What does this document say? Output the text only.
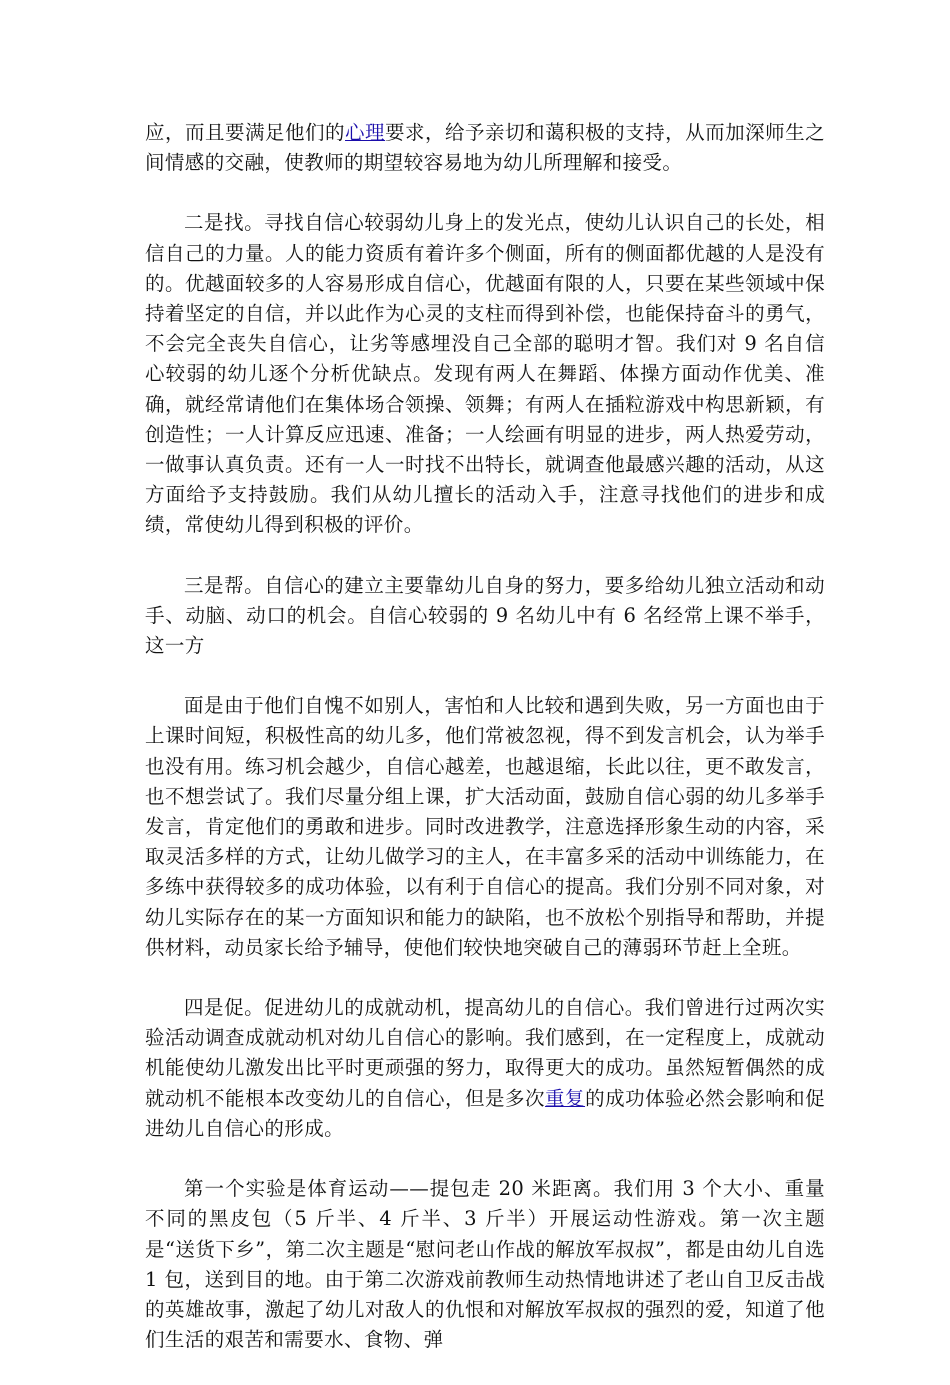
应，而且要满足他们的心理要求，给予亲切和蔼积极的支持，从而加深师生之间情感的交融，使教师的期望较容易地为幼儿所理解和接受。

二是找。寻找自信心较弱幼儿身上的发光点，使幼儿认识自己的长处，相信自己的力量。人的能力资质有着许多个侧面，所有的侧面都优越的人是没有的。优越面较多的人容易形成自信心，优越面有限的人，只要在某些领域中保持着坚定的自信，并以此作为心灵的支柱而得到补偿，也能保持奋斗的勇气，不会完全丧失自信心，让劣等感埋没自己全部的聪明才智。我们对 9 名自信心较弱的幼儿逐个分析优缺点。发现有两人在舞蹈、体操方面动作优美、准确，就经常请他们在集体场合领操、领舞；有两人在插粒游戏中构思新颖，有创造性；一人计算反应迅速、准备；一人绘画有明显的进步，两人热爱劳动，一做事认真负责。还有一人一时找不出特长，就调查他最感兴趣的活动，从这方面给予支持鼓励。我们从幼儿擅长的活动入手，注意寻找他们的进步和成绩，常使幼儿得到积极的评价。

三是帮。自信心的建立主要靠幼儿自身的努力，要多给幼儿独立活动和动手、动脑、动口的机会。自信心较弱的 9 名幼儿中有 6 名经常上课不举手，这一方

面是由于他们自愧不如别人，害怕和人比较和遇到失败，另一方面也由于上课时间短，积极性高的幼儿多，他们常被忽视，得不到发言机会，认为举手也没有用。练习机会越少，自信心越差，也越退缩，长此以往，更不敢发言，也不想尝试了。我们尽量分组上课，扩大活动面，鼓励自信心弱的幼儿多举手发言，肯定他们的勇敢和进步。同时改进教学，注意选择形象生动的内容，采取灵活多样的方式，让幼儿做学习的主人，在丰富多采的活动中训练能力，在多练中获得较多的成功体验，以有利于自信心的提高。我们分别不同对象，对幼儿实际存在的某一方面知识和能力的缺陷，也不放松个别指导和帮助，并提供材料，动员家长给予辅导，使他们较快地突破自己的薄弱环节赶上全班。

四是促。促进幼儿的成就动机，提高幼儿的自信心。我们曾进行过两次实验活动调查成就动机对幼儿自信心的影响。我们感到，在一定程度上，成就动机能使幼儿激发出比平时更顽强的努力，取得更大的成功。虽然短暂偶然的成就动机不能根本改变幼儿的自信心，但是多次重复的成功体验必然会影响和促进幼儿自信心的形成。

第一个实验是体育运动——提包走 20 米距离。我们用 3 个大小、重量不同的黑皮包（5 斤半、4 斤半、3 斤半）开展运动性游戏。第一次主题是“送货下乡”，第二次主题是“慰问老山作战的解放军叔叔”，都是由幼儿自选 1 包，送到目的地。由于第二次游戏前教师生动热情地讲述了老山自卫反击战的英雄故事，激起了幼儿对敌人的仇恨和对解放军叔叔的强烈的爱，知道了他们生活的艰苦和需要水、食物、弹
